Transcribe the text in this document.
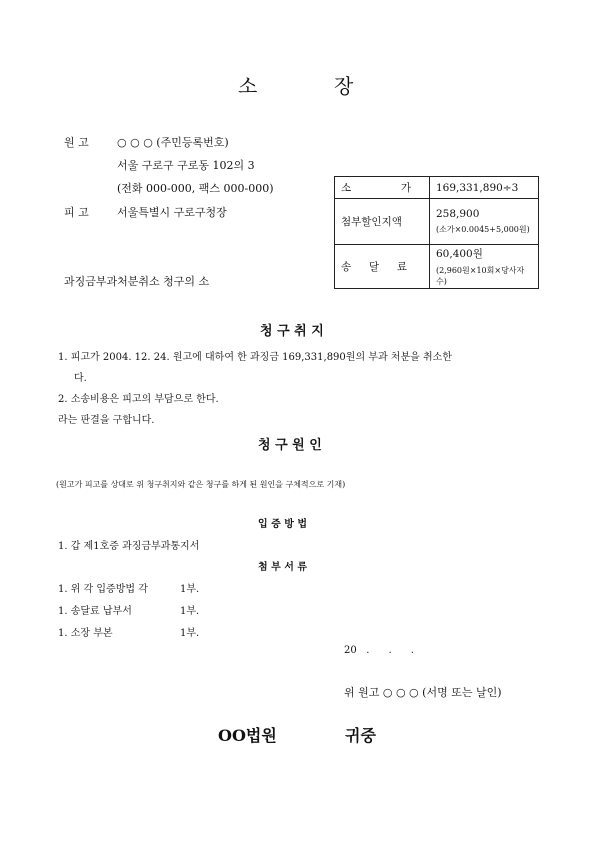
소	장
원 고	○ ○ ○ (주민등록번호)
서울 구로구 구로동 102의 3
(전화 000-000, 팩스 000-000)
피 고	서울특별시 구로구청장
과징금부과처분취소 청구의 소
소 가	169,331,890÷3
첨부할인지액	258,900
(소가×0.0045+5,000원)

송 달 료	60,400원
(2,960원×10회×당사자수)
청 구 취 지
1. 피고가 2004. 12. 24. 원고에 대하여 한 과징금 169,331,890원의 부과 처분을 취소한
다.
2. 소송비용은 피고의 부담으로 한다.
라는 판결을 구합니다.
청 구 원 인
(원고가 피고를 상대로 위 청구취지와 같은 청구를 하게 된 원인을 구체적으로 기재)
입 증 방 법
1. 갑 제1호증 과징금부과통지서
첨 부 서 류
1. 위 각 입증방법 각	1부.
1. 송달료 납부서	1부.
1. 소장 부본	1부.
20   .      .      .
위 원고 ○ ○ ○ (서명 또는 날인)
OO법원	귀중
